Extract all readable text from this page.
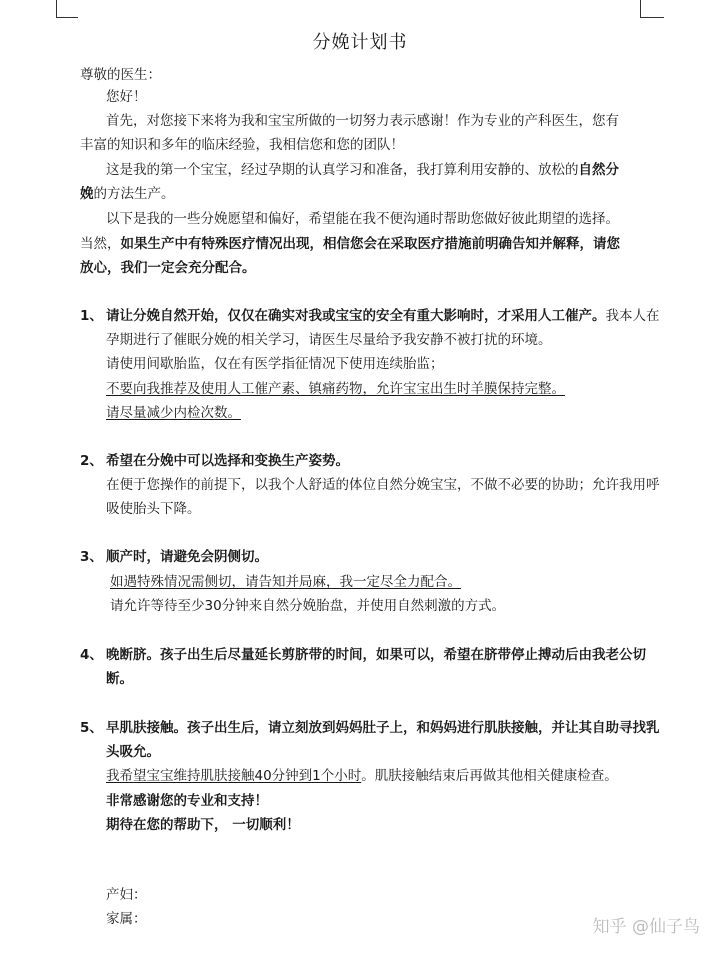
分娩计划书
尊敬的医生：
您好！
首先，对您接下来将为我和宝宝所做的一切努力表示感谢！作为专业的产科医生，您有
丰富的知识和多年的临床经验，我相信您和您的团队！
这是我的第一个宝宝，经过孕期的认真学习和准备，我打算利用安静的、放松的自然分
娩的方法生产。
以下是我的一些分娩愿望和偏好，希望能在我不便沟通时帮助您做好彼此期望的选择。
当然，如果生产中有特殊医疗情况出现，相信您会在采取医疗措施前明确告知并解释，请您
放心，我们一定会充分配合。
1、 请让分娩自然开始，仅仅在确实对我或宝宝的安全有重大影响时，才采用人工催产。我本人在
孕期进行了催眠分娩的相关学习，请医生尽量给予我安静不被打扰的环境。
请使用间歇胎监，仅在有医学指征情况下使用连续胎监；
不要向我推荐及使用人工催产素、镇痛药物，允许宝宝出生时羊膜保持完整。
请尽量减少内检次数。
2、 希望在分娩中可以选择和变换生产姿势。
在便于您操作的前提下，以我个人舒适的体位自然分娩宝宝，不做不必要的协助；允许我用呼
吸使胎头下降。
3、 顺产时，请避免会阴侧切。
如遇特殊情况需侧切，请告知并局麻，我一定尽全力配合。
请允许等待至少30分钟来自然分娩胎盘，并使用自然刺激的方式。
4、 晚断脐。孩子出生后尽量延长剪脐带的时间，如果可以，希望在脐带停止搏动后由我老公切
断。
5、 早肌肤接触。孩子出生后，请立刻放到妈妈肚子上，和妈妈进行肌肤接触，并让其自助寻找乳
头吸允。
我希望宝宝维持肌肤接触40分钟到1个小时。肌肤接触结束后再做其他相关健康检查。
非常感谢您的专业和支持！
期待在您的帮助下， 一切顺利！
产妇：
家属：	知乎 @仙子鸟
